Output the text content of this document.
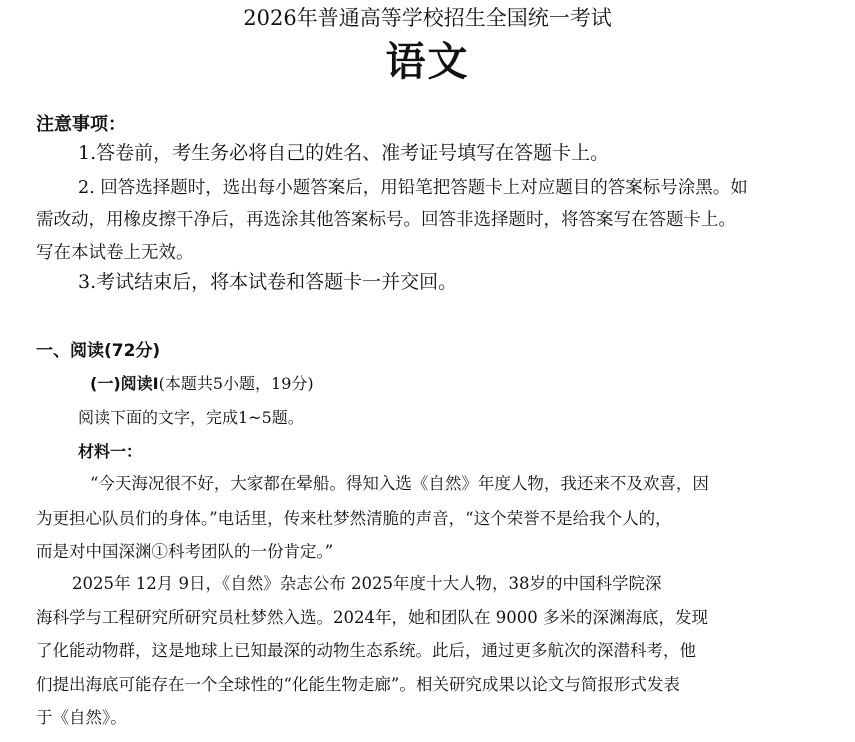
2026年普通高等学校招生全国统一考试
语文
注意事项：
1.答卷前，考生务必将自己的姓名、准考证号填写在答题卡上。
2. 回答选择题时，选出每小题答案后，用铅笔把答题卡上对应题目的答案标号涂黑。如
需改动，用橡皮擦干净后，再选涂其他答案标号。回答非选择题时，将答案写在答题卡上。
写在本试卷上无效。
3.考试结束后，将本试卷和答题卡一并交回。
一、阅读(72分)
(一)阅读Ⅰ(本题共5小题，19分)
阅读下面的文字，完成1~5题。
材料一：
“今天海况很不好，大家都在晕船。得知入选《自然》年度人物，我还来不及欢喜，因
为更担心队员们的身体。”电话里，传来杜梦然清脆的声音，“这个荣誉不是给我个人的，
而是对中国深渊①科考团队的一份肯定。”
2025年 12月 9日，《自然》杂志公布 2025年度十大人物，38岁的中国科学院深
海科学与工程研究所研究员杜梦然入选。2024年，她和团队在 9000 多米的深渊海底，发现
了化能动物群，这是地球上已知最深的动物生态系统。此后，通过更多航次的深潜科考，他
们提出海底可能存在一个全球性的“化能生物走廊”。相关研究成果以论文与简报形式发表
于《自然》。
